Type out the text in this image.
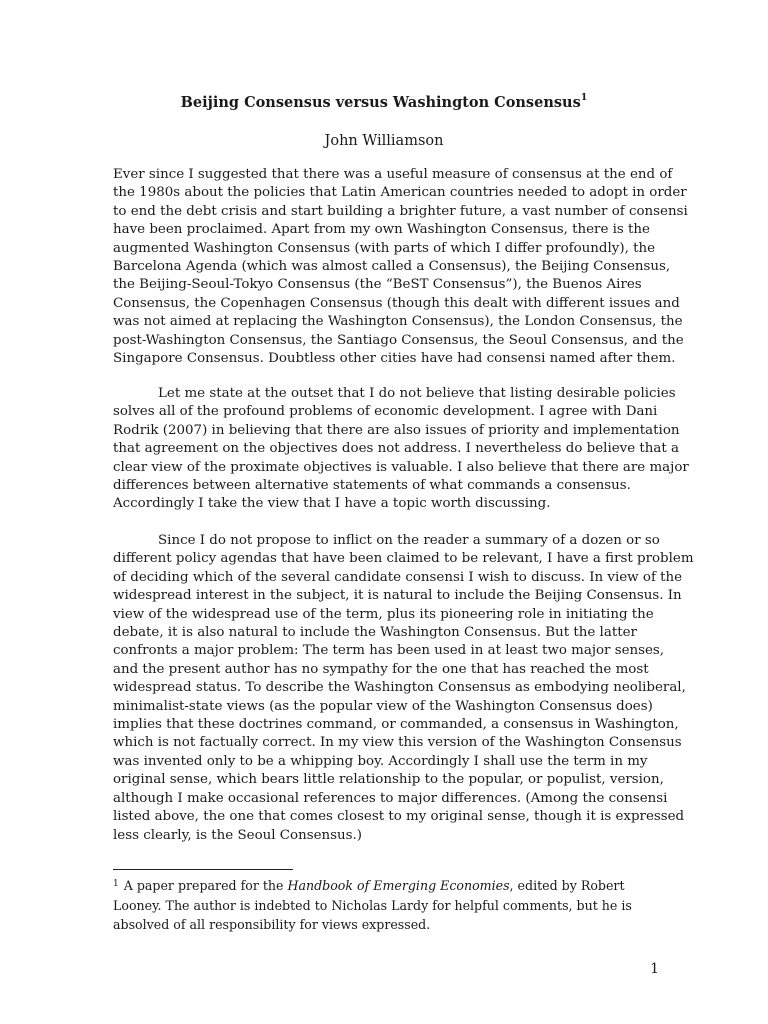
Beijing Consensus versus Washington Consensus$^1$
John Williamson
Ever since I suggested that there was a useful measure of consensus at the end of
the 1980s about the policies that Latin American countries needed to adopt in order
to end the debt crisis and start building a brighter future, a vast number of consensi
have been proclaimed. Apart from my own Washington Consensus, there is the
augmented Washington Consensus (with parts of which I differ profoundly), the
Barcelona Agenda (which was almost called a Consensus), the Beijing Consensus,
the Beijing-Seoul-Tokyo Consensus (the “BeST Consensus”), the Buenos Aires
Consensus, the Copenhagen Consensus (though this dealt with different issues and
was not aimed at replacing the Washington Consensus), the London Consensus, the
post-Washington Consensus, the Santiago Consensus, the Seoul Consensus, and the
Singapore Consensus. Doubtless other cities have had consensi named after them.
Let me state at the outset that I do not believe that listing desirable policies
solves all of the profound problems of economic development. I agree with Dani
Rodrik (2007) in believing that there are also issues of priority and implementation
that agreement on the objectives does not address. I nevertheless do believe that a
clear view of the proximate objectives is valuable. I also believe that there are major
differences between alternative statements of what commands a consensus.
Accordingly I take the view that I have a topic worth discussing.
Since I do not propose to inflict on the reader a summary of a dozen or so
different policy agendas that have been claimed to be relevant, I have a first problem
of deciding which of the several candidate consensi I wish to discuss. In view of the
widespread interest in the subject, it is natural to include the Beijing Consensus. In
view of the widespread use of the term, plus its pioneering role in initiating the
debate, it is also natural to include the Washington Consensus. But the latter
confronts a major problem: The term has been used in at least two major senses,
and the present author has no sympathy for the one that has reached the most
widespread status. To describe the Washington Consensus as embodying neoliberal,
minimalist-state views (as the popular view of the Washington Consensus does)
implies that these doctrines command, or commanded, a consensus in Washington,
which is not factually correct. In my view this version of the Washington Consensus
was invented only to be a whipping boy. Accordingly I shall use the term in my
original sense, which bears little relationship to the popular, or populist, version,
although I make occasional references to major differences. (Among the consensi
listed above, the one that comes closest to my original sense, though it is expressed
less clearly, is the Seoul Consensus.)
$^1$ A paper prepared for the Handbook of Emerging Economies, edited by Robert
Looney. The author is indebted to Nicholas Lardy for helpful comments, but he is
absolved of all responsibility for views expressed.
1
